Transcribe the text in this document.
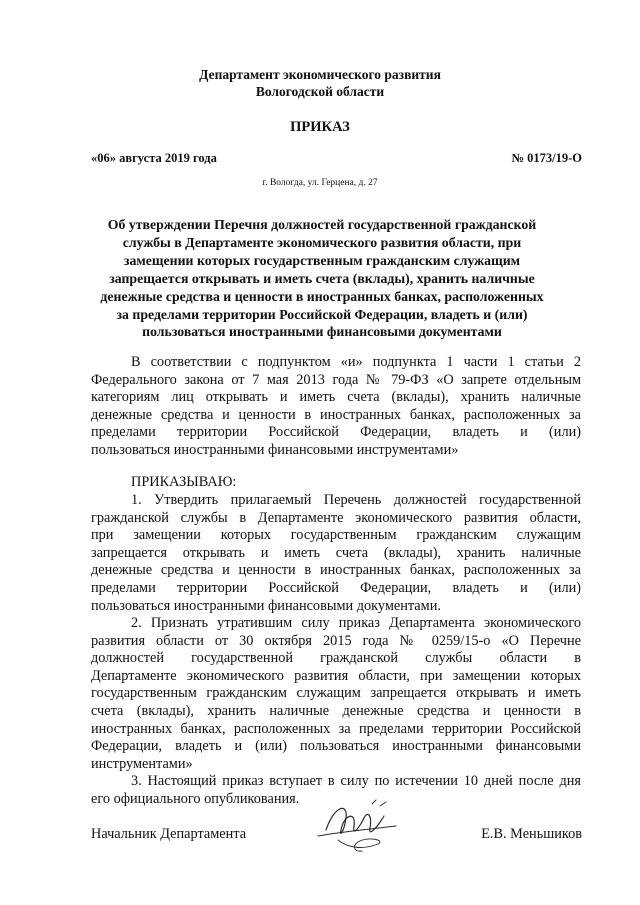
Департамент экономического развития
Вологодской области
ПРИКАЗ
«06» августа 2019 года	№ 0173/19-О
г. Вологда, ул. Герцена, д. 27
Об утверждении Перечня должностей государственной гражданской
службы в Департаменте экономического развития области, при
замещении которых государственным гражданским служащим
запрещается открывать и иметь счета (вклады), хранить наличные
денежные средства и ценности в иностранных банках, расположенных
за пределами территории Российской Федерации, владеть и (или)
пользоваться иностранными финансовыми документами
В соответствии с подпунктом «и» подпункта 1 части 1 статьи 2
Федерального закона от 7 мая 2013 года № 79-ФЗ «О запрете отдельным
категориям лиц открывать и иметь счета (вклады), хранить наличные
денежные средства и ценности в иностранных банках, расположенных за
пределами территории Российской Федерации, владеть и (или)
пользоваться иностранными финансовыми инструментами»
ПРИКАЗЫВАЮ:
1. Утвердить прилагаемый Перечень должностей государственной
гражданской службы в Департаменте экономического развития области,
при замещении которых государственным гражданским служащим
запрещается открывать и иметь счета (вклады), хранить наличные
денежные средства и ценности в иностранных банках, расположенных за
пределами территории Российской Федерации, владеть и (или)
пользоваться иностранными финансовыми документами.
2. Признать утратившим силу приказ Департамента экономического
развития области от 30 октября 2015 года № 0259/15-о «О Перечне
должностей государственной гражданской службы области в
Департаменте экономического развития области, при замещении которых
государственным гражданским служащим запрещается открывать и иметь
счета (вклады), хранить наличные денежные средства и ценности в
иностранных банках, расположенных за пределами территории Российской
Федерации, владеть и (или) пользоваться иностранными финансовыми
инструментами»
3. Настоящий приказ вступает в силу по истечении 10 дней после дня
его официального опубликования.
Начальник Департамента	Е.В. Меньшиков
